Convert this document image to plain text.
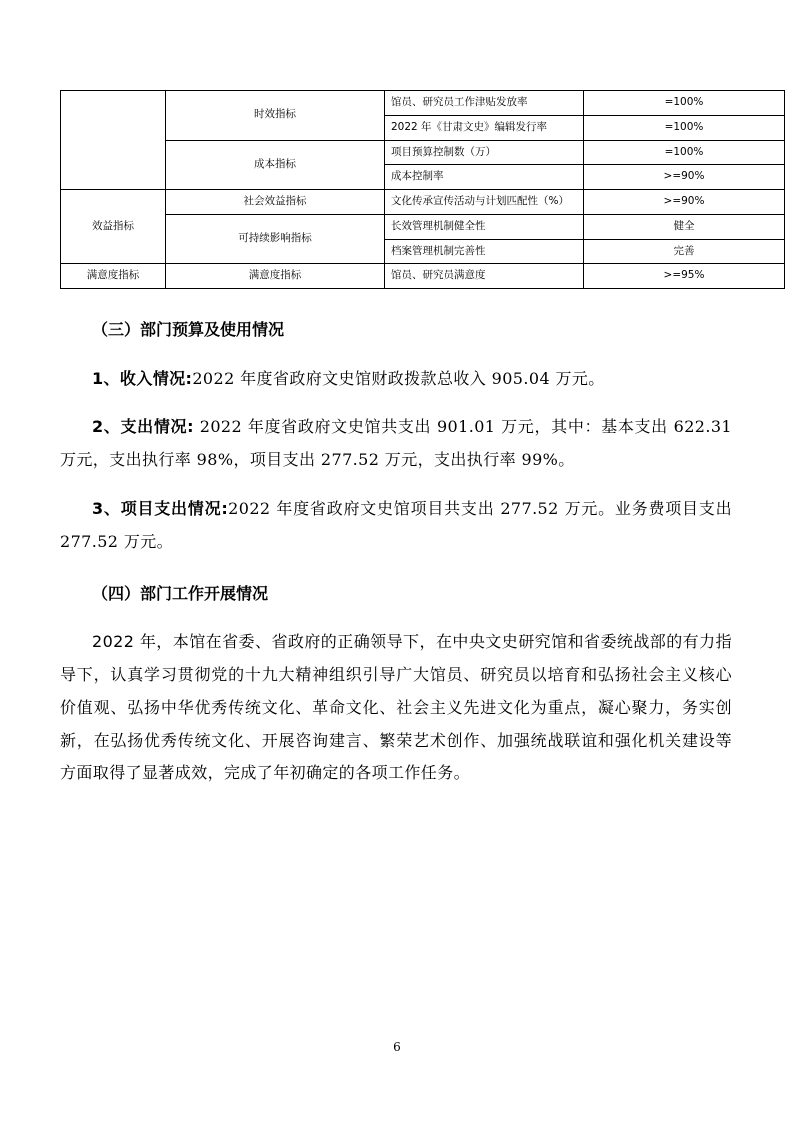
	时效指标	馆员、研究员工作津贴发放率	=100%
		2022 年《甘肃文史》编辑发行率	=100%
	成本指标	项目预算控制数（万）	=100%
		成本控制率	>=90%
效益指标	社会效益指标	文化传承宣传活动与计划匹配性（%）	>=90%
	可持续影响指标	长效管理机制健全性	健全
		档案管理机制完善性	完善
满意度指标	满意度指标	馆员、研究员满意度	>=95%
（三）部门预算及使用情况

1、收入情况:2022 年度省政府文史馆财政拨款总收入 905.04 万元。

2、支出情况: 2022 年度省政府文史馆共支出 901.01 万元，其中：基本支出 622.31 万元，支出执行率 98%，项目支出 277.52 万元，支出执行率 99%。

3、项目支出情况:2022 年度省政府文史馆项目共支出 277.52 万元。业务费项目支出 277.52 万元。

（四）部门工作开展情况

2022 年，本馆在省委、省政府的正确领导下，在中央文史研究馆和省委统战部的有力指导下，认真学习贯彻党的十九大精神组织引导广大馆员、研究员以培育和弘扬社会主义核心价值观、弘扬中华优秀传统文化、革命文化、社会主义先进文化为重点，凝心聚力，务实创新，在弘扬优秀传统文化、开展咨询建言、繁荣艺术创作、加强统战联谊和强化机关建设等方面取得了显著成效，完成了年初确定的各项工作任务。

6
